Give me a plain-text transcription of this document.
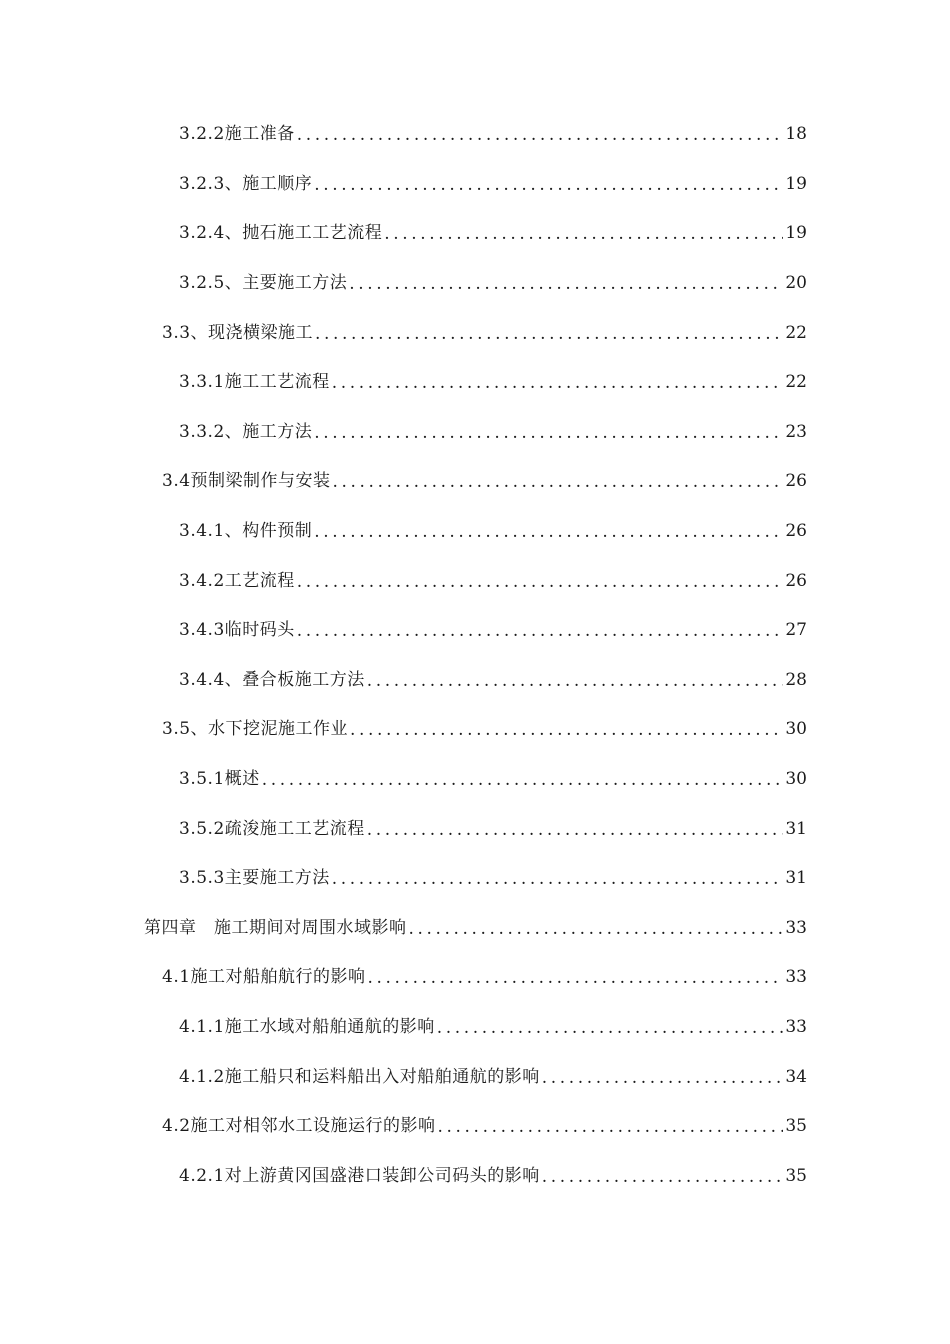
3.2.2施工准备 .....	18
3.2.3、施工顺序 .....	19
3.2.4、抛石施工工艺流程 .....	19
3.2.5、主要施工方法 .....	20
3.3、现浇横梁施工 .....	22
3.3.1施工工艺流程 .....	22
3.3.2、施工方法 .....	23
3.4预制梁制作与安装 .....	26
3.4.1、构件预制 .....	26
3.4.2工艺流程 .....	26
3.4.3临时码头 .....	27
3.4.4、叠合板施工方法 .....	28
3.5、水下挖泥施工作业 .....	30
3.5.1概述 .....	30
3.5.2疏浚施工工艺流程 .....	31
3.5.3主要施工方法 .....	31
第四章　施工期间对周围水域影响 .....	33
4.1施工对船舶航行的影响 .....	33
4.1.1施工水域对船舶通航的影响 .....	33
4.1.2施工船只和运料船出入对船舶通航的影响 .....	34
4.2施工对相邻水工设施运行的影响 .....	35
4.2.1对上游黄冈国盛港口装卸公司码头的影响 .....	35
